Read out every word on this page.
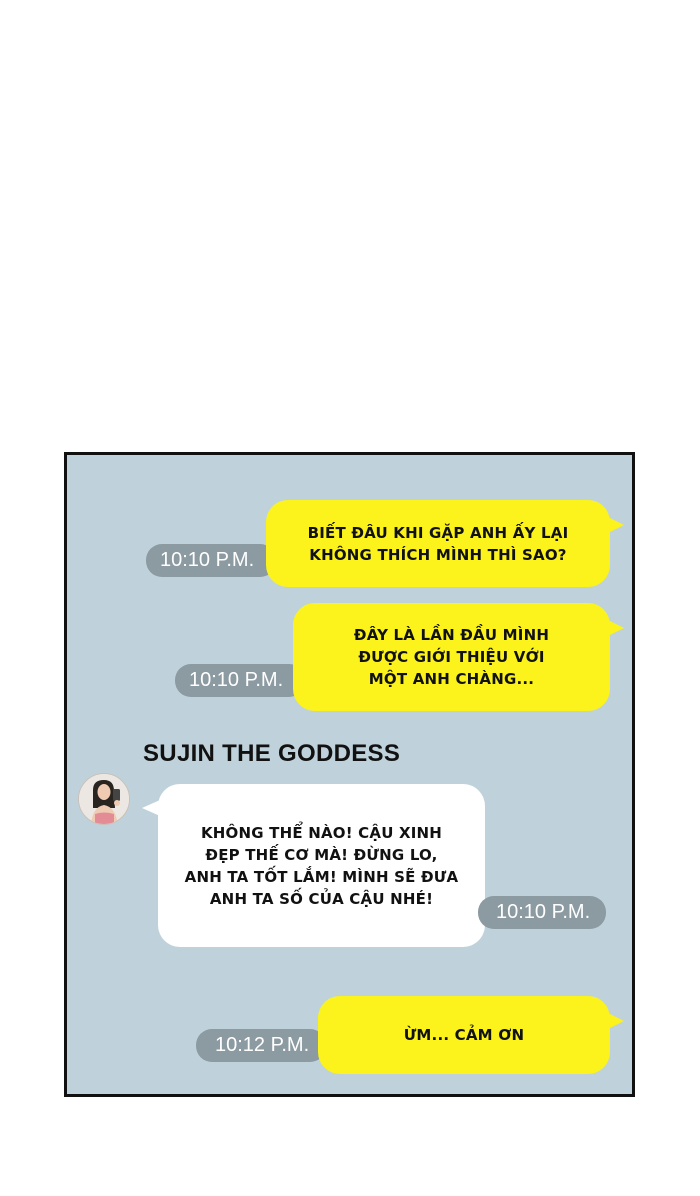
10:10 P.M.
BIẾT ĐÂU KHI GẶP ANH ẤY LẠI
KHÔNG THÍCH MÌNH THÌ SAO?
10:10 P.M.
ĐÂY LÀ LẦN ĐẦU MÌNH
ĐƯỢC GIỚI THIỆU VỚI
MỘT ANH CHÀNG...
SUJIN THE GODDESS
KHÔNG THỂ NÀO! CẬU XINH
ĐẸP THẾ CƠ MÀ! ĐỪNG LO,
ANH TA TỐT LẮM! MÌNH SẼ ĐƯA
ANH TA SỐ CỦA CẬU NHÉ!
10:10 P.M.
10:12 P.M.	ỪM... CẢM ƠN
